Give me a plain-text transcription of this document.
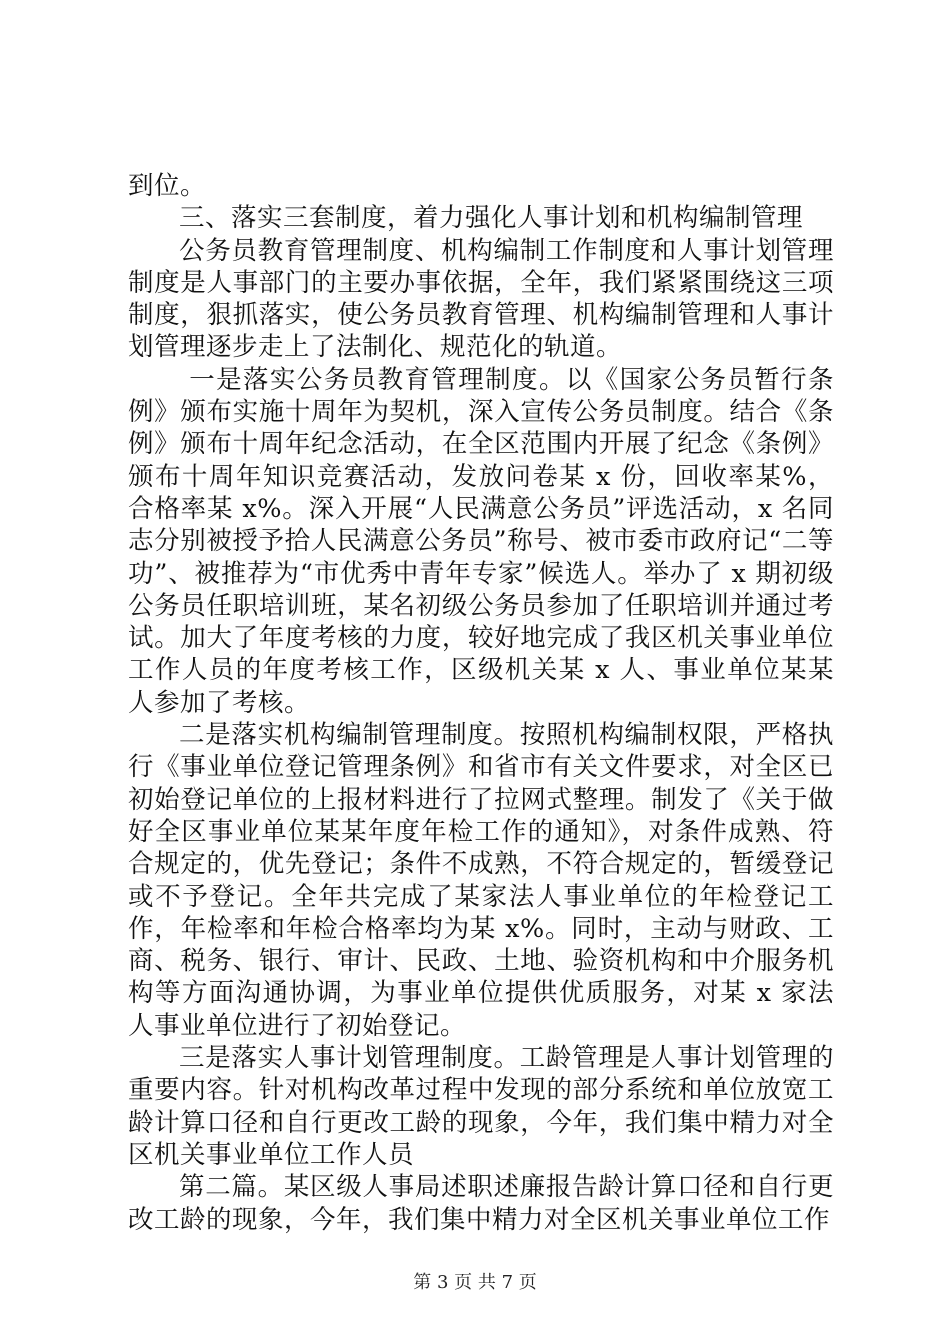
到位。

三、落实三套制度，着力强化人事计划和机构编制管理

公务员教育管理制度、机构编制工作制度和人事计划管理制度是人事部门的主要办事依据，全年，我们紧紧围绕这三项制度，狠抓落实，使公务员教育管理、机构编制管理和人事计划管理逐步走上了法制化、规范化的轨道。

一是落实公务员教育管理制度。以《国家公务员暂行条例》颁布实施十周年为契机，深入宣传公务员制度。结合《条例》颁布十周年纪念活动，在全区范围内开展了纪念《条例》颁布十周年知识竞赛活动，发放问卷某 x 份，回收率某%，合格率某 x%。深入开展“人民满意公务员”评选活动，x 名同志分别被授予拾人民满意公务员”称号、被市委市政府记“二等功”、被推荐为“市优秀中青年专家”候选人。举办了 x 期初级公务员任职培训班，某名初级公务员参加了任职培训并通过考试。加大了年度考核的力度，较好地完成了我区机关事业单位工作人员的年度考核工作，区级机关某 x 人、事业单位某某人参加了考核。

二是落实机构编制管理制度。按照机构编制权限，严格执行《事业单位登记管理条例》和省市有关文件要求，对全区已初始登记单位的上报材料进行了拉网式整理。制发了《关于做好全区事业单位某某年度年检工作的通知》，对条件成熟、符合规定的，优先登记；条件不成熟，不符合规定的，暂缓登记或不予登记。全年共完成了某家法人事业单位的年检登记工作，年检率和年检合格率均为某 x%。同时，主动与财政、工商、税务、银行、审计、民政、土地、验资机构和中介服务机构等方面沟通协调，为事业单位提供优质服务，对某 x 家法人事业单位进行了初始登记。

三是落实人事计划管理制度。工龄管理是人事计划管理的重要内容。针对机构改革过程中发现的部分系统和单位放宽工龄计算口径和自行更改工龄的现象，今年，我们集中精力对全区机关事业单位工作人员

第二篇。某区级人事局述职述廉报告龄计算口径和自行更改工龄的现象，今年，我们集中精力对全区机关事业单位工作

第 3 页 共 7 页
